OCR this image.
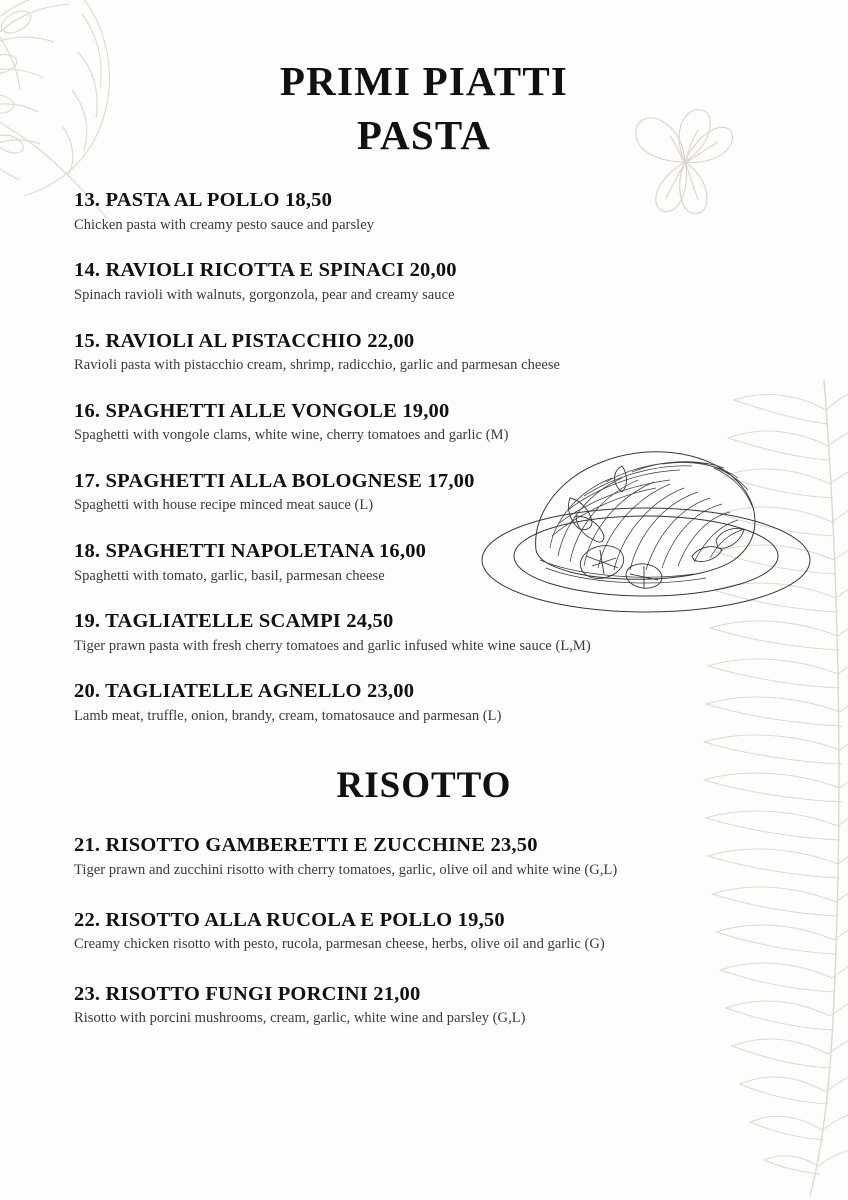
PRIMI PIATTI
PASTA
13. PASTA AL POLLO 18,50
Chicken pasta with creamy pesto sauce and parsley
14. RAVIOLI RICOTTA E SPINACI 20,00
Spinach ravioli with walnuts, gorgonzola, pear and creamy sauce
15. RAVIOLI AL PISTACCHIO 22,00
Ravioli pasta with pistacchio cream, shrimp, radicchio, garlic and parmesan cheese
16. SPAGHETTI ALLE VONGOLE 19,00
Spaghetti with vongole clams, white wine, cherry tomatoes and garlic (M)
17. SPAGHETTI ALLA BOLOGNESE 17,00
Spaghetti with house recipe minced meat sauce (L)
18. SPAGHETTI NAPOLETANA 16,00
Spaghetti with tomato, garlic, basil, parmesan cheese
19. TAGLIATELLE SCAMPI 24,50
Tiger prawn pasta with fresh cherry tomatoes and garlic infused white wine sauce (L,M)
20. TAGLIATELLE AGNELLO 23,00
Lamb meat, truffle, onion, brandy, cream, tomatosauce and parmesan (L)
RISOTTO
21. RISOTTO GAMBERETTI E ZUCCHINE 23,50
Tiger prawn and zucchini risotto with cherry tomatoes, garlic, olive oil and white wine (G,L)
22. RISOTTO ALLA RUCOLA E POLLO 19,50
Creamy chicken risotto with pesto, rucola, parmesan cheese, herbs, olive oil and garlic (G)
23. RISOTTO FUNGI PORCINI 21,00
Risotto with porcini mushrooms, cream, garlic, white wine and parsley (G,L)
